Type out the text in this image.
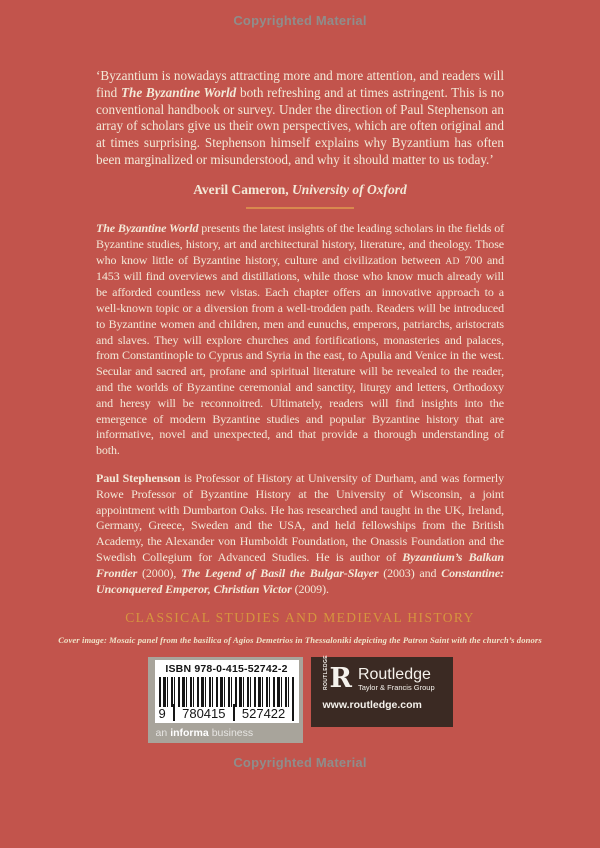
Copyrighted Material

‘Byzantium is nowadays attracting more and more attention, and readers will find The Byzantine World both refreshing and at times astringent. This is no conventional handbook or survey. Under the direction of Paul Stephenson an array of scholars give us their own perspectives, which are often original and at times surprising. Stephenson himself explains why Byzantium has often been marginalized or misunderstood, and why it should matter to us today.’

Averil Cameron, University of Oxford

The Byzantine World presents the latest insights of the leading scholars in the fields of Byzantine studies, history, art and architectural history, literature, and theology. Those who know little of Byzantine history, culture and civilization between AD 700 and 1453 will find overviews and distillations, while those who know much already will be afforded countless new vistas. Each chapter offers an innovative approach to a well-known topic or a diversion from a well-trodden path. Readers will be introduced to Byzantine women and children, men and eunuchs, emperors, patriarchs, aristocrats and slaves. They will explore churches and fortifications, monasteries and palaces, from Constantinople to Cyprus and Syria in the east, to Apulia and Venice in the west. Secular and sacred art, profane and spiritual literature will be revealed to the reader, and the worlds of Byzantine ceremonial and sanctity, liturgy and letters, Orthodoxy and heresy will be reconnoitred. Ultimately, readers will find insights into the emergence of modern Byzantine studies and popular Byzantine history that are informative, novel and unexpected, and that provide a thorough understanding of both.

Paul Stephenson is Professor of History at University of Durham, and was formerly Rowe Professor of Byzantine History at the University of Wisconsin, a joint appointment with Dumbarton Oaks. He has researched and taught in the UK, Ireland, Germany, Greece, Sweden and the USA, and held fellowships from the British Academy, the Alexander von Humboldt Foundation, the Onassis Foundation and the Swedish Collegium for Advanced Studies. He is author of Byzantium’s Balkan Frontier (2000), The Legend of Basil the Bulgar-Slayer (2003) and Constantine: Unconquered Emperor, Christian Victor (2009).

CLASSICAL STUDIES AND MEDIEVAL HISTORY
Cover image: Mosaic panel from the basilica of Agios Demetrios in Thessaloniki depicting the Patron Saint with the church’s donors
ISBN 978-0-415-52742-2
9 780415 527422
an informa business
ROUTLEDGE R Routledge
Taylor & Francis Group
www.routledge.com
Copyrighted Material
